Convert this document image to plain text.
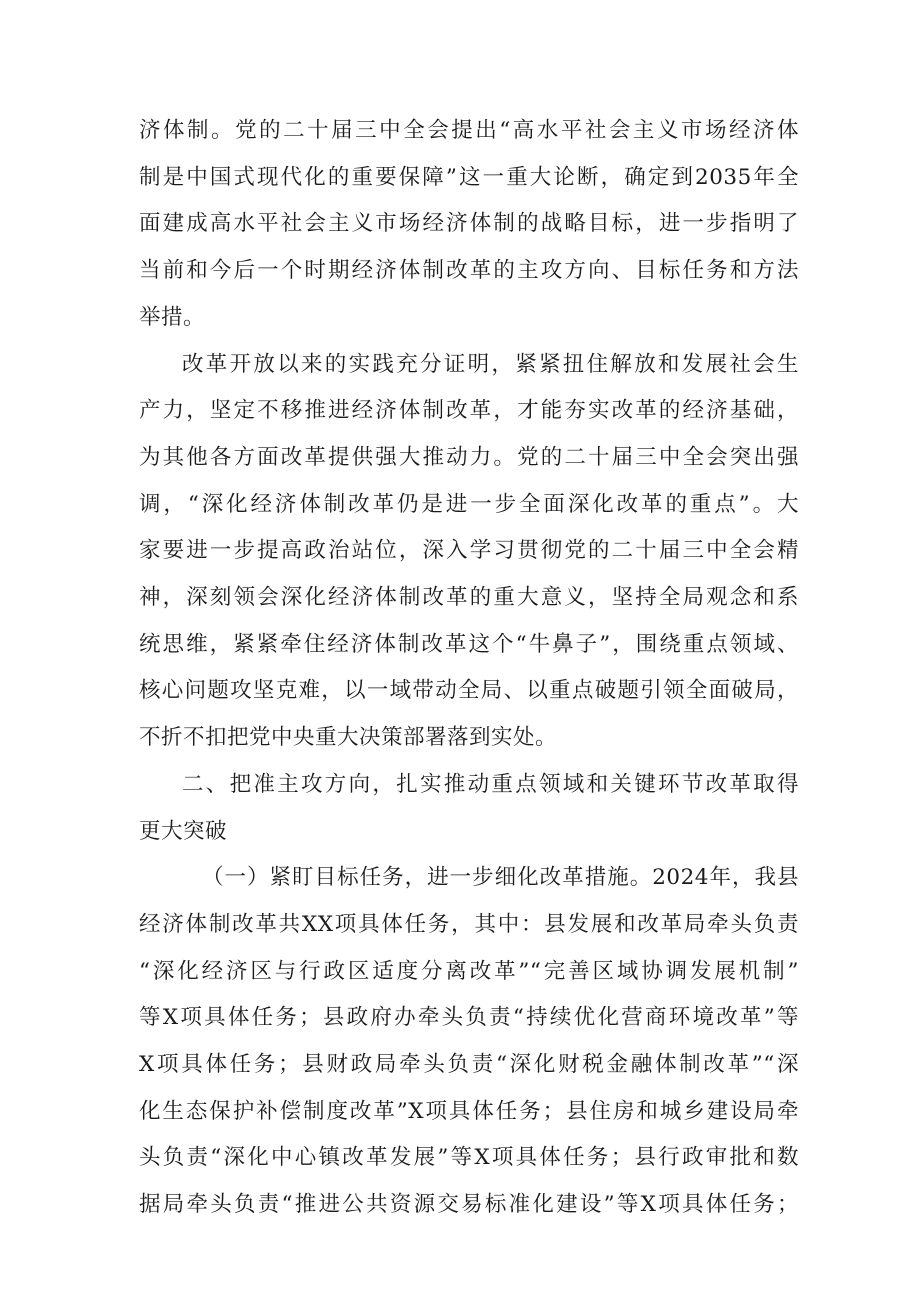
济体制。党的二十届三中全会提出“高水平社会主义市场经济体
制是中国式现代化的重要保障”这一重大论断，确定到2035年全
面建成高水平社会主义市场经济体制的战略目标，进一步指明了
当前和今后一个时期经济体制改革的主攻方向、目标任务和方法
举措。
改革开放以来的实践充分证明，紧紧扭住解放和发展社会生
产力，坚定不移推进经济体制改革，才能夯实改革的经济基础，
为其他各方面改革提供强大推动力。党的二十届三中全会突出强
调，“深化经济体制改革仍是进一步全面深化改革的重点”。大
家要进一步提高政治站位，深入学习贯彻党的二十届三中全会精
神，深刻领会深化经济体制改革的重大意义，坚持全局观念和系
统思维，紧紧牵住经济体制改革这个“牛鼻子”，围绕重点领域、
核心问题攻坚克难，以一域带动全局、以重点破题引领全面破局，
不折不扣把党中央重大决策部署落到实处。
二、把准主攻方向，扎实推动重点领域和关键环节改革取得
更大突破
（一）紧盯目标任务，进一步细化改革措施。2024年，我县
经济体制改革共XX项具体任务，其中：县发展和改革局牵头负责
“深化经济区与行政区适度分离改革”“完善区域协调发展机制”
等X项具体任务；县政府办牵头负责“持续优化营商环境改革”等
X项具体任务；县财政局牵头负责“深化财税金融体制改革”“深
化生态保护补偿制度改革”X项具体任务；县住房和城乡建设局牵
头负责“深化中心镇改革发展”等X项具体任务；县行政审批和数
据局牵头负责“推进公共资源交易标准化建设”等X项具体任务；
